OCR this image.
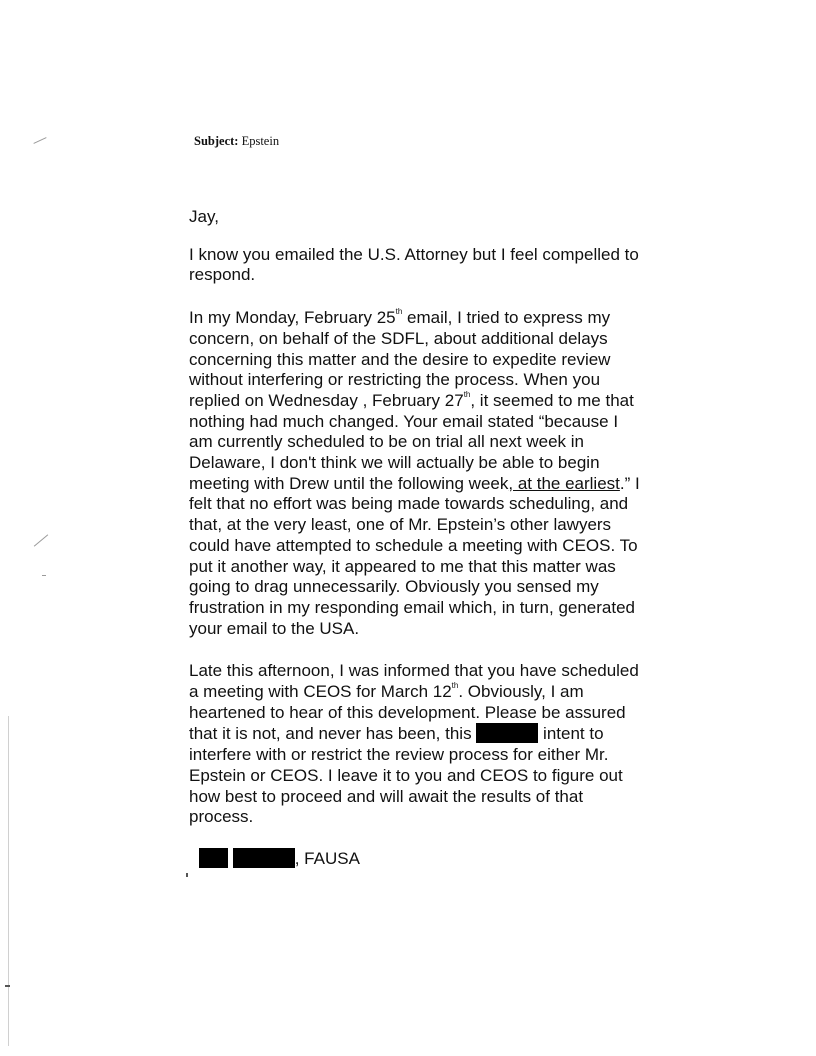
Subject: Epstein

Jay,

I know you emailed the U.S. Attorney but I feel compelled to respond.

In my Monday, February 25th email, I tried to express my concern, on behalf of the SDFL, about additional delays concerning this matter and the desire to expedite review without interfering or restricting the process. When you replied on Wednesday , February 27th, it seemed to me that nothing had much changed. Your email stated “because I am currently scheduled to be on trial all next week in Delaware, I don't think we will actually be able to begin meeting with Drew until the following week, at the earliest.” I felt that no effort was being made towards scheduling, and that, at the very least, one of Mr. Epstein’s other lawyers could have attempted to schedule a meeting with CEOS. To put it another way, it appeared to me that this matter was going to drag unnecessarily. Obviously you sensed my frustration in my responding email which, in turn, generated your email to the USA.

Late this afternoon, I was informed that you have scheduled a meeting with CEOS for March 12th. Obviously, I am heartened to hear of this development. Please be assured that it is not, and never has been, this	intent to interfere with or restrict the review process for either Mr. Epstein or CEOS. I leave it to you and CEOS to figure out how best to proceed and will await the results of that process.

, FAUSA
